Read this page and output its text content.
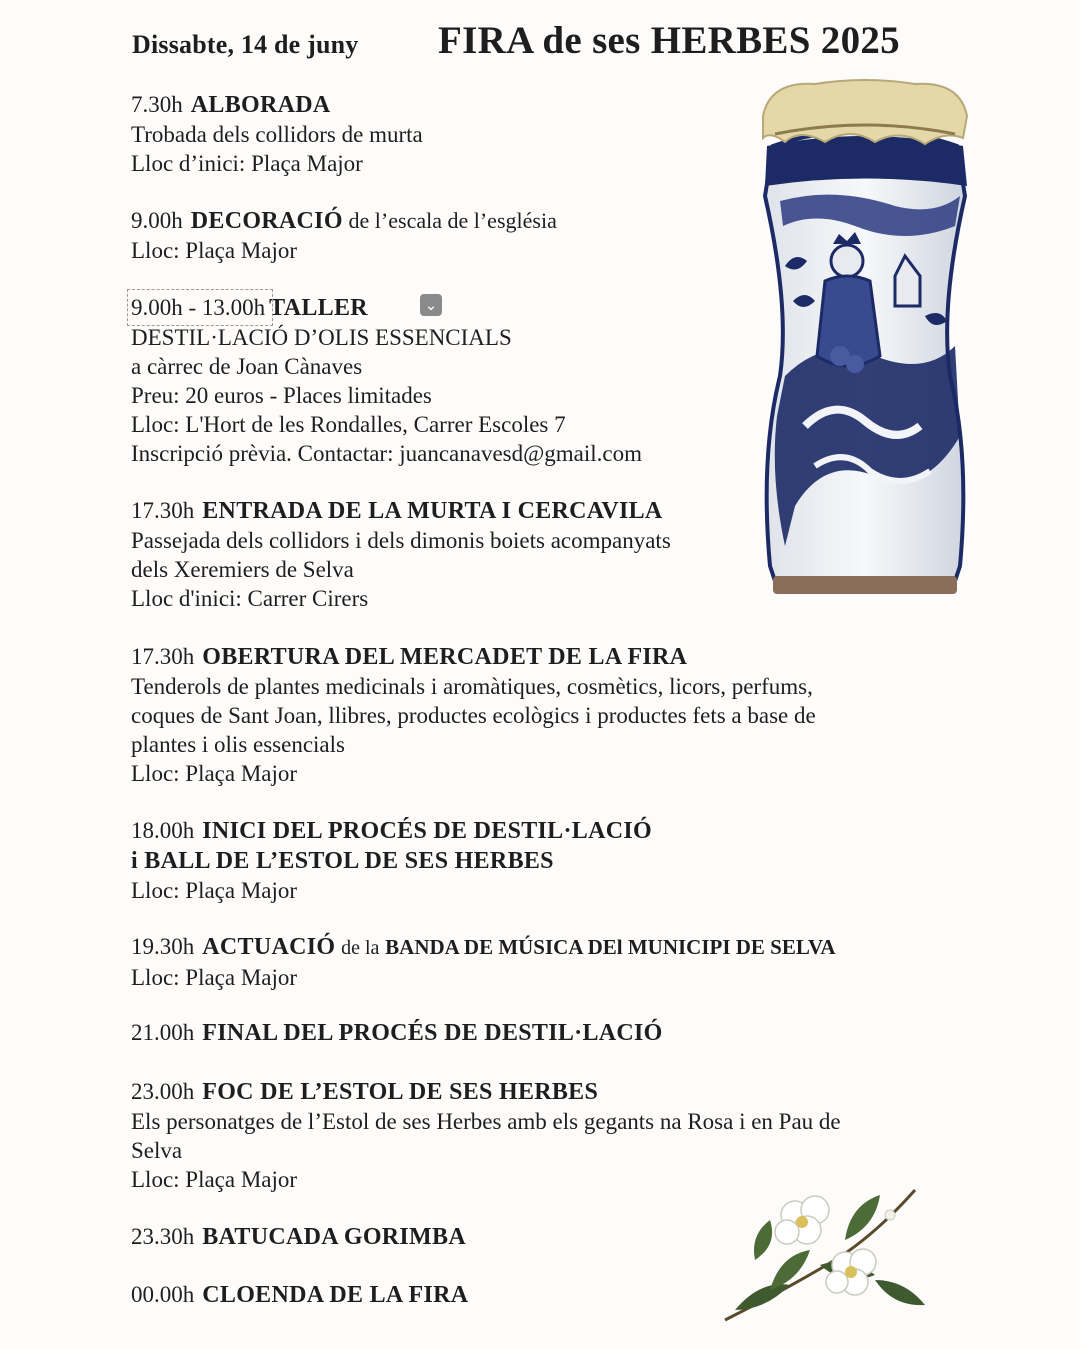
Dissabte, 14 de juny FIRA de ses HERBES 2025
7.30h ALBORADA
Trobada dels collidors de murta
Lloc d’inici: Plaça Major
9.00h DECORACIÓ de l’escala de l’església
Lloc: Plaça Major
9.00h - 13.00h TALLER	⌄
DESTIL·LACIÓ D’OLIS ESSENCIALS
a càrrec de Joan Cànaves
Preu: 20 euros - Places limitades
Lloc: L'Hort de les Rondalles, Carrer Escoles 7
Inscripció prèvia. Contactar: juancanavesd@gmail.com
17.30h ENTRADA DE LA MURTA I CERCAVILA
Passejada dels collidors i dels dimonis boiets acompanyats
dels Xeremiers de Selva
Lloc d'inici: Carrer Cirers
17.30h OBERTURA DEL MERCADET DE LA FIRA
Tenderols de plantes medicinals i aromàtiques, cosmètics, licors, perfums,
coques de Sant Joan, llibres, productes ecològics i productes fets a base de
plantes i olis essencials
Lloc: Plaça Major
18.00h INICI DEL PROCÉS DE DESTIL·LACIÓ
i BALL DE L’ESTOL DE SES HERBES
Lloc: Plaça Major
19.30h ACTUACIÓ de la BANDA DE MÚSICA DEl MUNICIPI DE SELVA
Lloc: Plaça Major
21.00h FINAL DEL PROCÉS DE DESTIL·LACIÓ
23.00h FOC DE L’ESTOL DE SES HERBES
Els personatges de l’Estol de ses Herbes amb els gegants na Rosa i en Pau de
Selva
Lloc: Plaça Major
23.30h BATUCADA GORIMBA
00.00h CLOENDA DE LA FIRA
